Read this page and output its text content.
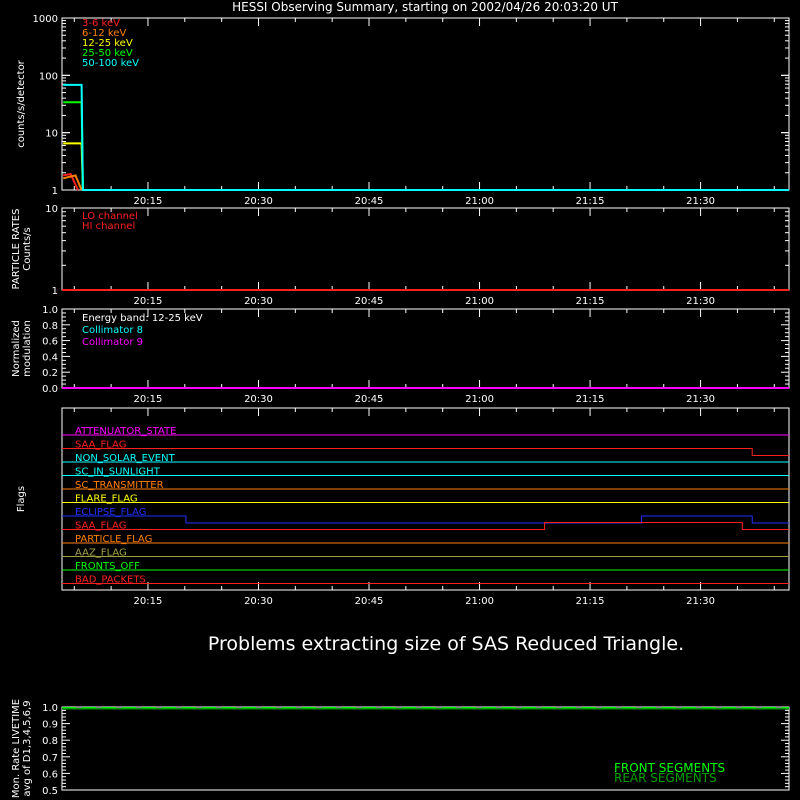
HESSI Observing Summary, starting on 2002/04/26 20:03:20 UT
Problems extracting size of SAS Reduced Triangle.
1
10
100
1000
20:15	20:30	20:45	21:00	21:15	21:30
counts/s/detector
3-6 keV
6-12 keV
12-25 keV
25-50 keV
50-100 keV
1
10
20:15	20:30	20:45	21:00	21:15	21:30
PARTICLE RATES Counts/s
LO channel
HI channel
0.0
0.2
0.4
0.6
0.8
1.0
20:15	20:30	20:45	21:00	21:15	21:30
Normalized modulation
Energy band: 12-25 keV
Collimator 8
Collimator 9
20:15	20:30	20:45	21:00	21:15	21:30
Flags
ATTENUATOR_STATE
SAA_FLAG
NON_SOLAR_EVENT
SC_IN_SUNLIGHT
SC_TRANSMITTER
FLARE_FLAG
ECLIPSE_FLAG
SAA_FLAG
PARTICLE_FLAG
AAZ_FLAG
FRONTS_OFF
BAD_PACKETS
0.5
0.6
0.7
0.8
0.9
1.0
Mon. Rate LIVETIME avg of D1,3,4,5,6,9	FRONT SEGMENTS
REAR SEGMENTS
